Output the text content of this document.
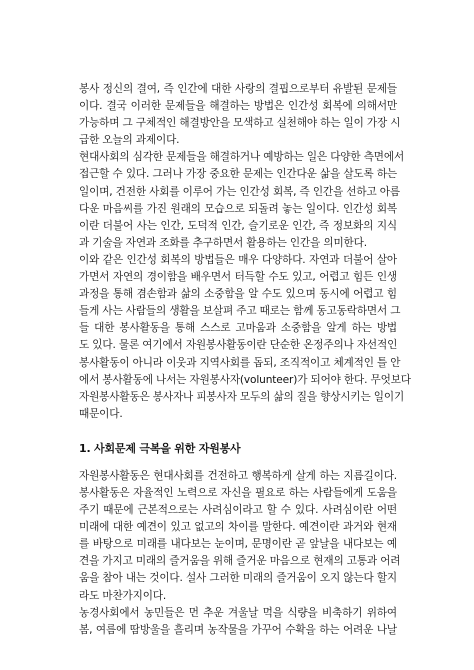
봉사 정신의 결여, 즉 인간에 대한 사랑의 결핍으로부터 유발된 문제들
이다. 결국 이러한 문제들을 해결하는 방법은 인간성 회복에 의해서만
가능하며 그 구체적인 해결방안을 모색하고 실천해야 하는 일이 가장 시
급한 오늘의 과제이다.
현대사회의 심각한 문제들을 해결하거나 예방하는 일은 다양한 측면에서
접근할 수 있다. 그러나 가장 중요한 문제는 인간다운 삶을 살도록 하는
일이며, 건전한 사회를 이루어 가는 인간성 회복, 즉 인간을 선하고 아름
다운 마음씨를 가진 원래의 모습으로 되돌려 놓는 일이다. 인간성 회복
이란 더불어 사는 인간, 도덕적 인간, 슬기로운 인간, 즉 정보화의 지식
과 기술을 자연과 조화를 추구하면서 활용하는 인간을 의미한다.
이와 같은 인간성 회복의 방법들은 매우 다양하다. 자연과 더불어 살아
가면서 자연의 경이함을 배우면서 터득할 수도 있고, 어렵고 힘든 인생
과정을 통해 겸손함과 삶의 소중함을 알 수도 있으며 동시에 어렵고 힘
들게 사는 사람들의 생활을 보살펴 주고 때로는 함께 동고동락하면서 그
들 대한 봉사활동을 통해 스스로 고마움과 소중함을 알게 하는 방법
도 있다. 물론 여기에서 자원봉사활동이란 단순한 온정주의나 자선적인
봉사활동이 아니라 이웃과 지역사회를 돕되, 조직적이고 체계적인 틀 안
에서 봉사활동에 나서는 자원봉사자(volunteer)가 되어야 한다. 무엇보다
자원봉사활동은 봉사자나 피봉사자 모두의 삶의 질을 향상시키는 일이기
때문이다.
1. 사회문제 극복을 위한 자원봉사
자원봉사활동은 현대사회를 건전하고 행복하게 살게 하는 지름길이다.
봉사활동은 자율적인 노력으로 자신을 필요로 하는 사람들에게 도움을
주기 때문에 근본적으로는 사려심이라고 할 수 있다. 사려심이란 어떤
미래에 대한 예견이 있고 없고의 차이를 말한다. 예견이란 과거와 현재
를 바탕으로 미래를 내다보는 눈이며, 문명이란 곧 앞날을 내다보는 예
견을 가지고 미래의 즐거움을 위해 즐거운 마음으로 현재의 고통과 어려
움을 참아 내는 것이다. 설사 그러한 미래의 즐거움이 오지 않는다 할지
라도 마찬가지이다.
농경사회에서 농민들은 먼 추운 겨울날 먹을 식량을 비축하기 위하여
봄, 여름에 땀방울을 흘리며 농작물을 가꾸어 수확을 하는 어려운 나날
